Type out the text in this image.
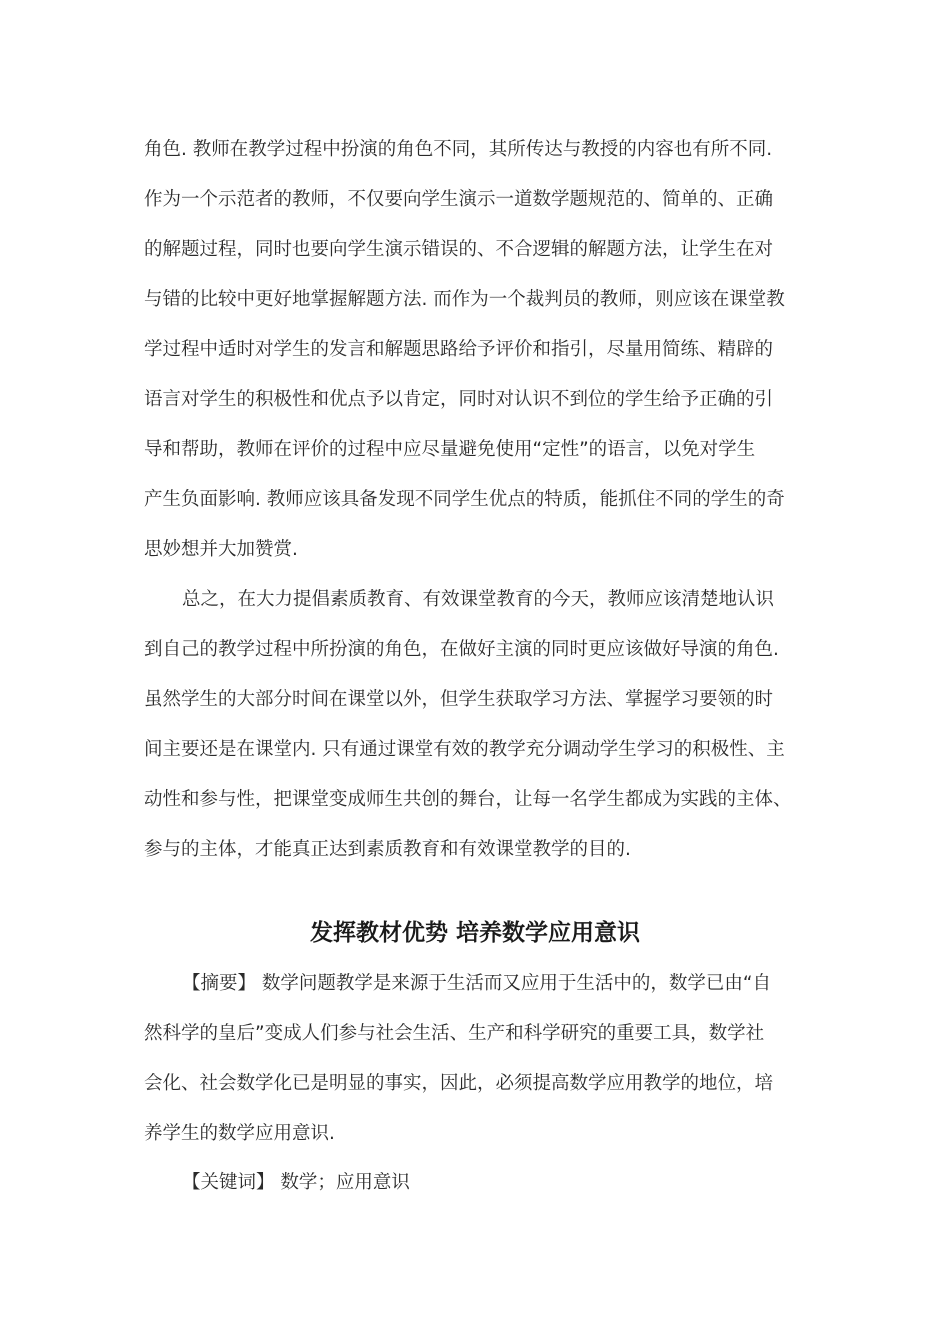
角色. 教师在教学过程中扮演的角色不同，其所传达与教授的内容也有所不同.
作为一个示范者的教师，不仅要向学生演示一道数学题规范的、简单的、正确
的解题过程，同时也要向学生演示错误的、不合逻辑的解题方法，让学生在对
与错的比较中更好地掌握解题方法. 而作为一个裁判员的教师，则应该在课堂教
学过程中适时对学生的发言和解题思路给予评价和指引，尽量用简练、精辟的
语言对学生的积极性和优点予以肯定，同时对认识不到位的学生给予正确的引
导和帮助，教师在评价的过程中应尽量避免使用“定性”的语言，以免对学生
产生负面影响. 教师应该具备发现不同学生优点的特质，能抓住不同的学生的奇
思妙想并大加赞赏.
总之，在大力提倡素质教育、有效课堂教育的今天，教师应该清楚地认识
到自己的教学过程中所扮演的角色，在做好主演的同时更应该做好导演的角色.
虽然学生的大部分时间在课堂以外，但学生获取学习方法、掌握学习要领的时
间主要还是在课堂内. 只有通过课堂有效的教学充分调动学生学习的积极性、主
动性和参与性，把课堂变成师生共创的舞台，让每一名学生都成为实践的主体、
参与的主体，才能真正达到素质教育和有效课堂教学的目的.
发挥教材优势 培养数学应用意识
【摘要】 数学问题教学是来源于生活而又应用于生活中的，数学已由“自
然科学的皇后”变成人们参与社会生活、生产和科学研究的重要工具，数学社
会化、社会数学化已是明显的事实，因此，必须提高数学应用教学的地位，培
养学生的数学应用意识.
【关键词】 数学；应用意识
